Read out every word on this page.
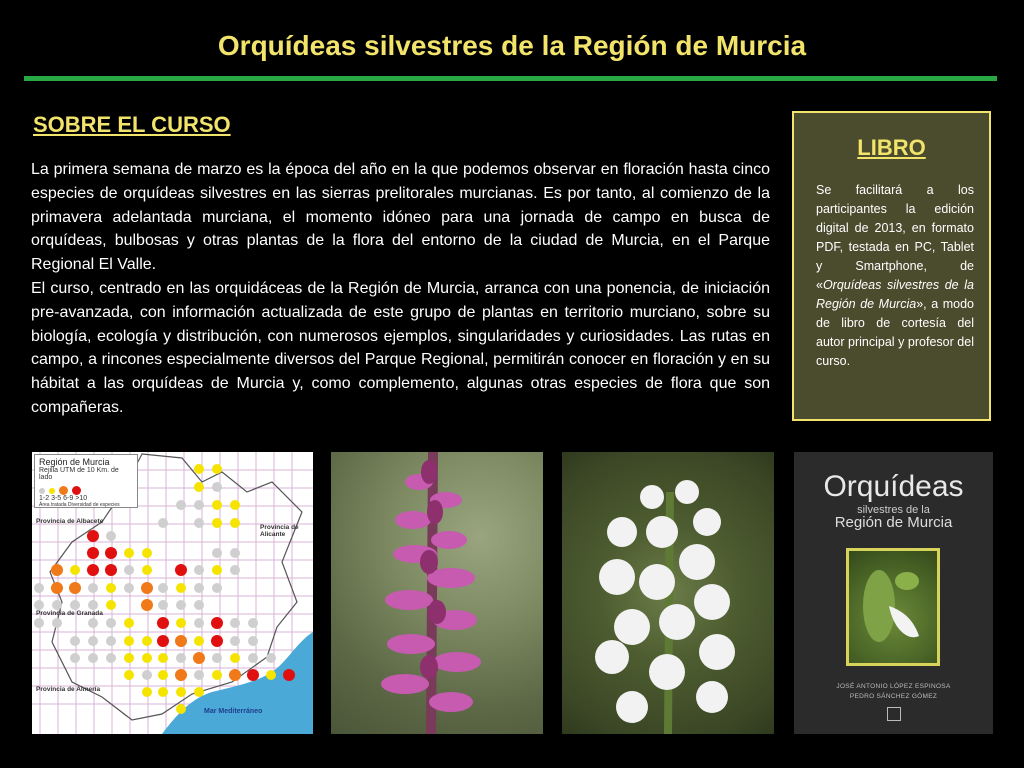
Orquídeas silvestres de la Región de Murcia
SOBRE EL CURSO

La primera semana de marzo es la época del año en la que podemos observar en floración hasta cinco especies de orquídeas silvestres en las sierras prelitorales murcianas. Es por tanto, al comienzo de la primavera adelantada murciana, el momento idóneo para una jornada de campo en busca de orquídeas, bulbosas y otras plantas de la flora del entorno de la ciudad de Murcia, en el Parque Regional El Valle.

El curso, centrado en las orquidáceas de la Región de Murcia, arranca con una ponencia, de iniciación pre-avanzada, con información actualizada de este grupo de plantas en territorio murciano, sobre su biología, ecología y distribución, con numerosos ejemplos, singularidades y curiosidades. Las rutas en campo, a rincones especialmente diversos del Parque Regional, permitirán conocer en floración y en su hábitat a las orquídeas de Murcia y, como complemento, algunas otras especies de flora que son compañeras.

LIBRO
Se facilitará a los participantes la edición digital de 2013, en formato PDF, testada en PC, Tablet y Smartphone, de «Orquídeas silvestres de la Región de Murcia», a modo de libro de cortesía del autor principal y profesor del curso.
Región de Murcia
Rejilla UTM de 10 Km. de lado
1-2 3-5 6-9 >10
Área tratada Diversidad de especies
Provincia de Albacete
Provincia de Alicante
Provincia de Granada
Provincia de Almería
Mar Mediterráneo
Orquídeas
silvestres de la
Región de Murcia
JOSÉ ANTONIO LÓPEZ ESPINOSA
PEDRO SÁNCHEZ GÓMEZ
